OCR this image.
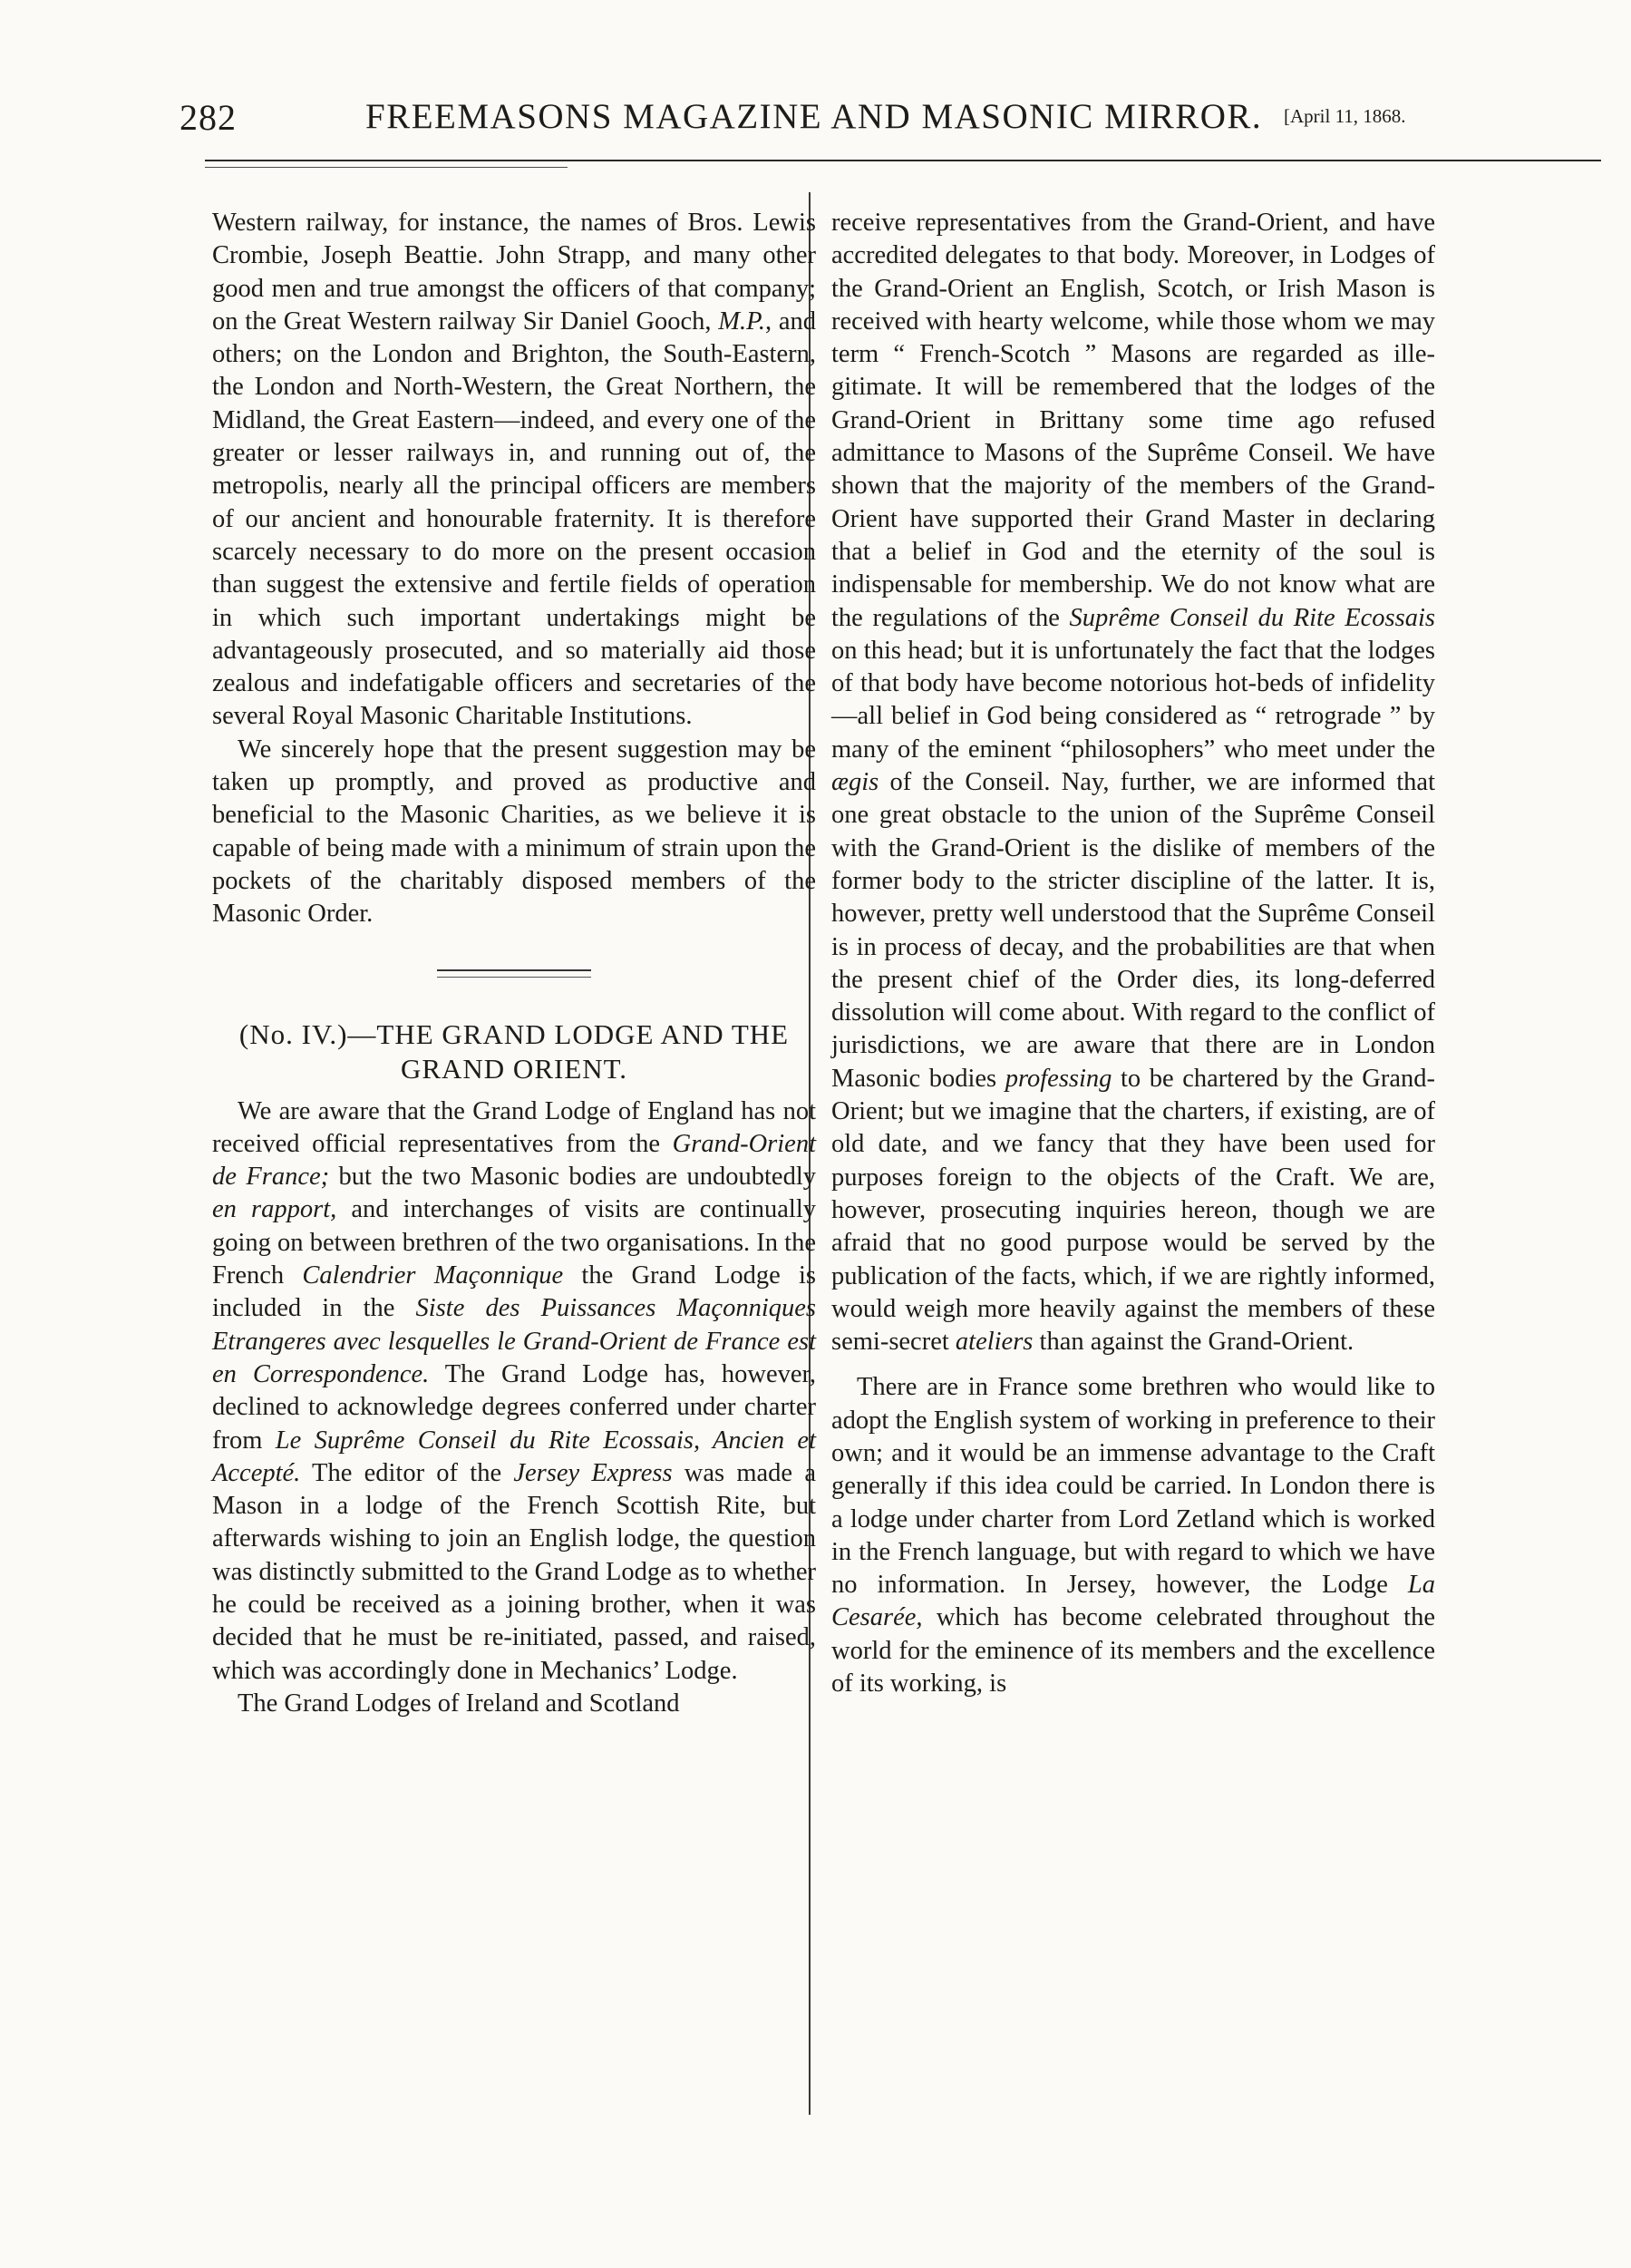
282	FREEMASONS MAGAZINE AND MASONIC MIRROR. [April 11, 1868.

Western railway, for instance, the names of Bros. Lewis Crombie, Joseph Beattie. John Strapp, and many other good men and true amongst the officers of that company; on the Great Western railway Sir Daniel Gooch, M.P., and others; on the London and Brighton, the South-Eastern, the London and North-Western, the Great Northern, the Midland, the Great Eastern—indeed, and every one of the greater or lesser railways in, and running out of, the metropolis, nearly all the principal officers are members of our ancient and honourable fraternity. It is therefore scarcely necessary to do more on the present occasion than suggest the extensive and fertile fields of operation in which such important undertakings might be advantageously prosecuted, and so materially aid those zealous and indefatigable officers and secretaries of the several Royal Masonic Charitable Institutions.

We sincerely hope that the present suggestion may be taken up promptly, and proved as productive and beneficial to the Masonic Charities, as we believe it is capable of being made with a minimum of strain upon the pockets of the charitably disposed members of the Masonic Order.

(No. IV.)—THE GRAND LODGE AND THE
GRAND ORIENT.

We are aware that the Grand Lodge of England has not received official representatives from the Grand-Orient de France; but the two Masonic bodies are undoubtedly en rapport, and interchanges of visits are continually going on between brethren of the two organisations. In the French Calendrier Maçonnique the Grand Lodge is included in the Siste des Puissances Maçonniques Etrangeres avec lesquelles le Grand-Orient de France est en Correspondence. The Grand Lodge has, however, declined to acknowledge degrees conferred under charter from Le Suprême Conseil du Rite Ecossais, Ancien et Accepté. The editor of the Jersey Express was made a Mason in a lodge of the French Scottish Rite, but afterwards wishing to join an English lodge, the question was distinctly submitted to the Grand Lodge as to whether he could be received as a joining brother, when it was decided that he must be re-initiated, passed, and raised, which was accordingly done in Mechanics’ Lodge.

The Grand Lodges of Ireland and Scotland

receive representatives from the Grand-Orient, and have accredited delegates to that body. Moreover, in Lodges of the Grand-Orient an English, Scotch, or Irish Mason is received with hearty welcome, while those whom we may term “ French-Scotch ” Masons are regarded as illegitimate. It will be remembered that the lodges of the Grand-Orient in Brittany some time ago refused admittance to Masons of the Suprême Conseil. We have shown that the majority of the members of the Grand-Orient have supported their Grand Master in declaring that a belief in God and the eternity of the soul is indispensable for membership. We do not know what are the regulations of the Suprême Conseil du Rite Ecossais on this head; but it is unfortunately the fact that the lodges of that body have become notorious hot-beds of infidelity—all belief in God being considered as “ retrograde ” by many of the eminent “philosophers” who meet under the ægis of the Conseil. Nay, further, we are informed that one great obstacle to the union of the Suprême Conseil with the Grand-Orient is the dislike of members of the former body to the stricter discipline of the latter. It is, however, pretty well understood that the Suprême Conseil is in process of decay, and the probabilities are that when the present chief of the Order dies, its long-deferred dissolution will come about. With regard to the conflict of jurisdictions, we are aware that there are in London Masonic bodies professing to be chartered by the Grand-Orient; but we imagine that the charters, if existing, are of old date, and we fancy that they have been used for purposes foreign to the objects of the Craft. We are, however, prosecuting inquiries hereon, though we are afraid that no good purpose would be served by the publication of the facts, which, if we are rightly informed, would weigh more heavily against the members of these semi-secret ateliers than against the Grand-Orient.

There are in France some brethren who would like to adopt the English system of working in preference to their own; and it would be an immense advantage to the Craft generally if this idea could be carried. In London there is a lodge under charter from Lord Zetland which is worked in the French language, but with regard to which we have no information. In Jersey, however, the Lodge La Cesarée, which has become celebrated throughout the world for the eminence of its members and the excellence of its working, is
